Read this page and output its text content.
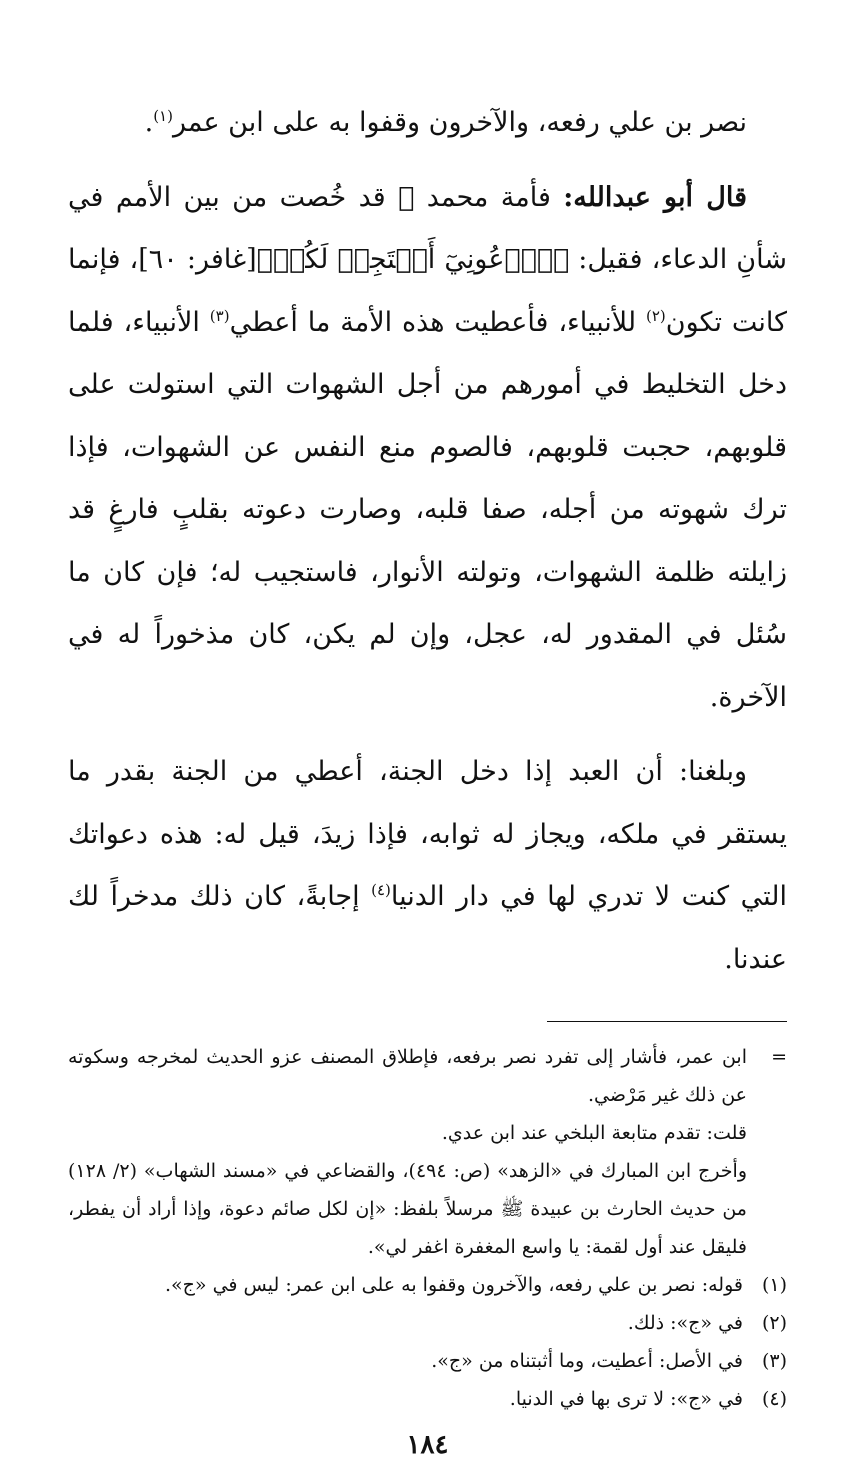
نصر بن علي رفعه، والآخرون وقفوا به على ابن عمر$^{(١)}$.

قال أبو عبدالله: فأمة محمد ﷺ قد خُصت من بين الأمم في شأنِ الدعاء، فقيل: ﴿ٱدۡعُونِيٓ أَسۡتَجِبۡ لَكُمۡ﴾[غافر: ٦٠]، فإنما كانت تكون$^{(٢)}$ للأنبياء، فأعطيت هذه الأمة ما أعطي$^{(٣)}$ الأنبياء، فلما دخل التخليط في أمورهم من أجل الشهوات التي استولت على قلوبهم، حجبت قلوبهم، فالصوم منع النفس عن الشهوات، فإذا ترك شهوته من أجله، صفا قلبه، وصارت دعوته بقلبٍ فارغٍ قد زايلته ظلمة الشهوات، وتولته الأنوار، فاستجيب له؛ فإن كان ما سُئل في المقدور له، عجل، وإن لم يكن، كان مذخوراً له في الآخرة.

وبلغنا: أن العبد إذا دخل الجنة، أعطي من الجنة بقدر ما يستقر في ملكه، ويجاز له ثوابه، فإذا زيدَ، قيل له: هذه دعواتك التي كنت لا تدري لها في دار الدنيا$^{(٤)}$ إجابةً، كان ذلك مدخراً لك عندنا.

=

ابن عمر، فأشار إلى تفرد نصر برفعه، فإطلاق المصنف عزو الحديث لمخرجه وسكوته عن ذلك غير مَرْضي.

قلت: تقدم متابعة البلخي عند ابن عدي.

وأخرج ابن المبارك في «الزهد» (ص: ٤٩٤)، والقضاعي في «مسند الشهاب» (٢/ ١٢٨) من حديث الحارث بن عبيدة ﷺ مرسلاً بلفظ: «إن لكل صائم دعوة، وإذا أراد أن يفطر، فليقل عند أول لقمة: يا واسع المغفرة اغفر لي».

(١)
قوله: نصر بن علي رفعه، والآخرون وقفوا به على ابن عمر: ليس في «ج».
(٢)
في «ج»: ذلك.
(٣)
في الأصل: أعطيت، وما أثبتناه من «ج».
(٤)
في «ج»: لا ترى بها في الدنيا.
١٨٤
